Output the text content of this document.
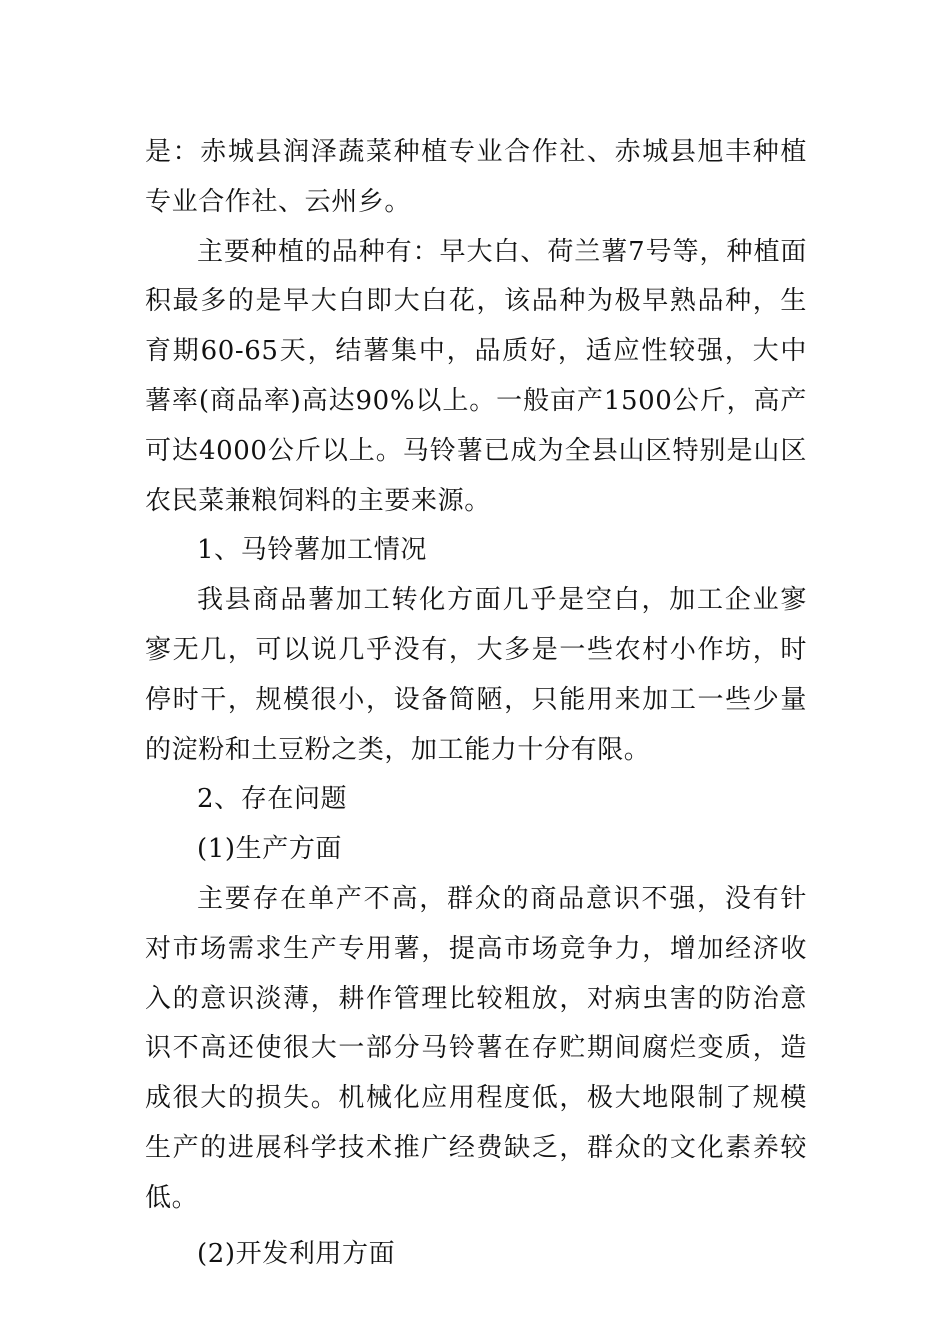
是：赤城县润泽蔬菜种植专业合作社、赤城县旭丰种植专业合作社、云州乡。

主要种植的品种有：早大白、荷兰薯7号等，种植面积最多的是早大白即大白花，该品种为极早熟品种，生育期60-65天，结薯集中，品质好，适应性较强，大中薯率(商品率)高达90%以上。一般亩产1500公斤，高产可达4000公斤以上。马铃薯已成为全县山区特别是山区农民菜兼粮饲料的主要来源。

1、马铃薯加工情况

我县商品薯加工转化方面几乎是空白，加工企业寥寥无几，可以说几乎没有，大多是一些农村小作坊，时停时干，规模很小，设备简陋，只能用来加工一些少量的淀粉和土豆粉之类，加工能力十分有限。

2、存在问题

(1)生产方面

主要存在单产不高，群众的商品意识不强，没有针对市场需求生产专用薯，提高市场竞争力，增加经济收入的意识淡薄，耕作管理比较粗放，对病虫害的防治意识不高还使很大一部分马铃薯在存贮期间腐烂变质，造成很大的损失。机械化应用程度低，极大地限制了规模生产的进展科学技术推广经费缺乏，群众的文化素养较低。

(2)开发利用方面
